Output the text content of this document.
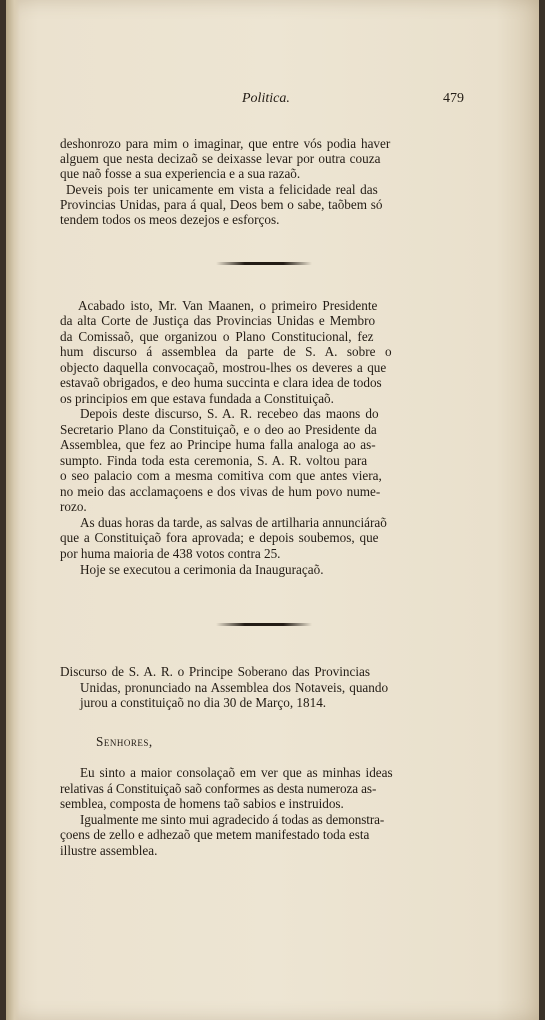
Politica.	479
deshonrozo para mim o imaginar, que entre vós podia haver
alguem que nesta decizaõ se deixasse levar por outra couza
que naõ fosse a sua experiencia e a sua razaõ.
Deveis pois ter unicamente em vista a felicidade real das
Provincias Unidas, para á qual, Deos bem o sabe, taõbem só
tendem todos os meos dezejos e esforços.
Acabado isto, Mr. Van Maanen, o primeiro Presidente
da alta Corte de Justiça das Provincias Unidas e Membro
da Comissaõ, que organizou o Plano Constitucional, fez
hum discurso á assemblea da parte de S. A. sobre o
objecto daquella convocaçaõ, mostrou-lhes os deveres a que
estavaõ obrigados, e deo huma succinta e clara idea de todos
os principios em que estava fundada a Constituiçaõ.
Depois deste discurso, S. A. R. recebeo das maons do
Secretario Plano da Constituiçaõ, e o deo ao Presidente da
Assemblea, que fez ao Principe huma falla analoga ao as-
sumpto. Finda toda esta ceremonia, S. A. R. voltou para
o seo palacio com a mesma comitiva com que antes viera,
no meio das acclamaçoens e dos vivas de hum povo nume-
rozo.
As duas horas da tarde, as salvas de artilharia annunciáraõ
que a Constituiçaõ fora aprovada; e depois soubemos, que
por huma maioria de 438 votos contra 25.
Hoje se executou a cerimonia da Inauguraçaõ.
Discurso de S. A. R. o Principe Soberano das Provincias
Unidas, pronunciado na Assemblea dos Notaveis, quando
jurou a constituiçaõ no dia 30 de Março, 1814.
Senhores,
Eu sinto a maior consolaçaõ em ver que as minhas ideas
relativas á Constituiçaõ saõ conformes as desta numeroza as-
semblea, composta de homens taõ sabios e instruidos.
Igualmente me sinto mui agradecido á todas as demonstra-
çoens de zello e adhezaõ que metem manifestado toda esta
illustre assemblea.
